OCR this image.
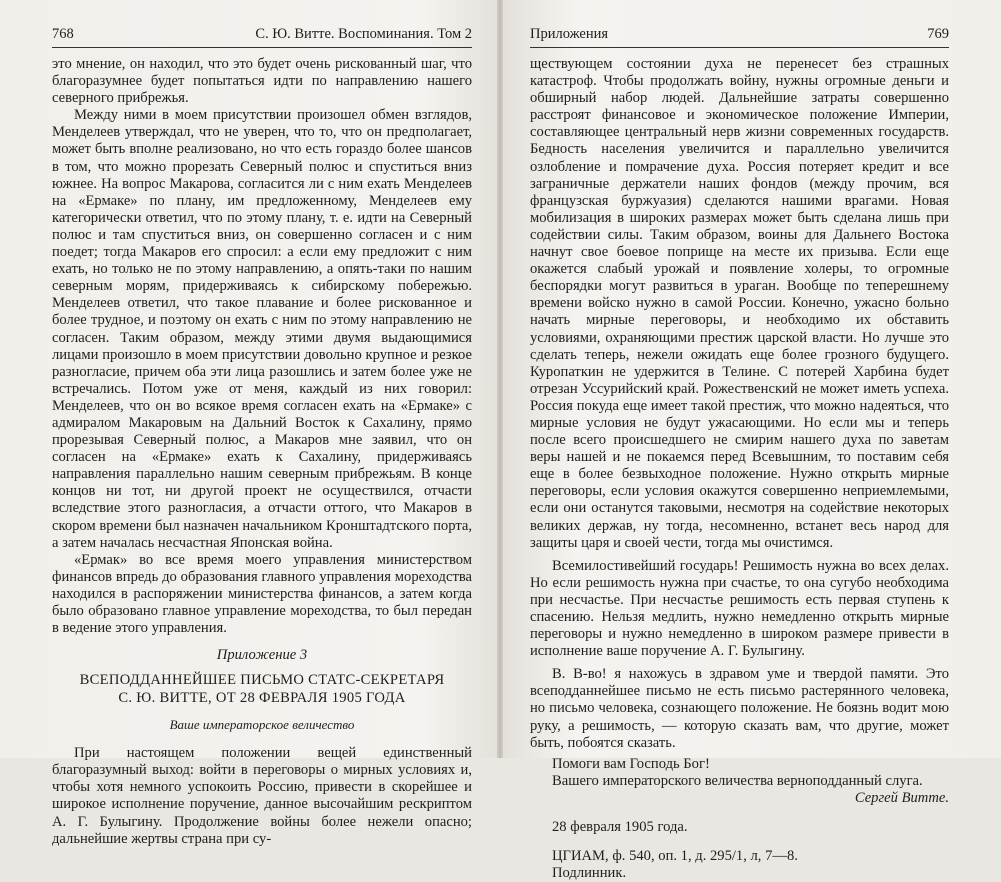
768	С. Ю. Витте. Воспоминания. Том 2

это мнение, он находил, что это будет очень рискованный шаг, что благоразумнее будет попытаться идти по направлению нашего северного прибрежья.

Между ними в моем присутствии произошел обмен взглядов, Менделеев утверждал, что не уверен, что то, что он предполагает, может быть вполне реализовано, но что есть гораздо более шансов в том, что можно прорезать Северный полюс и спуститься вниз южнее. На вопрос Макарова, согласится ли с ним ехать Менделеев на «Ермаке» по плану, им предложенному, Менделеев ему категорически ответил, что по этому плану, т. е. идти на Северный полюс и там спуститься вниз, он совершенно согласен и с ним поедет; тогда Макаров его спросил: а если ему предложит с ним ехать, но только не по этому направлению, а опять-таки по нашим северным морям, придерживаясь к сибирскому побережью. Менделеев ответил, что такое плавание и более рискованное и более трудное, и поэтому он ехать с ним по этому направлению не согласен. Таким образом, между этими двумя выдающимися лицами произошло в моем присутствии довольно крупное и резкое разногласие, причем оба эти лица разошлись и затем более уже не встречались. Потом уже от меня, каждый из них говорил: Менделеев, что он во всякое время согласен ехать на «Ермаке» с адмиралом Макаровым на Дальний Восток к Сахалину, прямо прорезывая Северный полюс, а Макаров мне заявил, что он согласен на «Ермаке» ехать к Сахалину, придерживаясь направления параллельно нашим северным прибрежьям. В конце концов ни тот, ни другой проект не осуществился, отчасти вследствие этого разногласия, а отчасти оттого, что Макаров в скором времени был назначен начальником Кронштадтского порта, а затем началась несчастная Японская война.

«Ермак» во все время моего управления министерством финансов впредь до образования главного управления мореходства находился в распоряжении министерства финансов, а затем когда было образовано главное управление мореходства, то был передан в ведение этого управления.

Приложение 3
ВСЕПОДДАННЕЙШЕЕ ПИСЬМО СТАТС-СЕКРЕТАРЯ
С. Ю. ВИТТЕ, ОТ 28 ФЕВРАЛЯ 1905 ГОДА
Ваше императорское величество

При настоящем положении вещей единственный благоразумный выход: войти в переговоры о мирных условиях и, чтобы хотя немного успокоить Россию, привести в скорейшее и широкое исполнение поручение, данное высочайшим рескриптом А. Г. Булыгину. Продолжение войны более нежели опасно; дальнейшие жертвы страна при су-

Приложения	769

ществующем состоянии духа не перенесет без страшных катастроф. Чтобы продолжать войну, нужны огромные деньги и обширный набор людей. Дальнейшие затраты совершенно расстроят финансовое и экономическое положение Империи, составляющее центральный нерв жизни современных государств. Бедность населения увеличится и параллельно увеличится озлобление и помрачение духа. Россия потеряет кредит и все заграничные держатели наших фондов (между прочим, вся французская буржуазия) сделаются нашими врагами. Новая мобилизация в широких размерах может быть сделана лишь при содействии силы. Таким образом, воины для Дальнего Востока начнут свое боевое поприще на месте их призыва. Если еще окажется слабый урожай и появление холеры, то огромные беспорядки могут развиться в ураган. Вообще по теперешнему времени войско нужно в самой России. Конечно, ужасно больно начать мирные переговоры, и необходимо их обставить условиями, охраняющими престиж царской власти. Но лучше это сделать теперь, нежели ожидать еще более грозного будущего. Куропаткин не удержится в Телине. С потерей Харбина будет отрезан Уссурийский край. Рожественский не может иметь успеха. Россия покуда еще имеет такой престиж, что можно надеяться, что мирные условия не будут ужасающими. Но если мы и теперь после всего происшедшего не смирим нашего духа по заветам веры нашей и не покаемся перед Всевышним, то поставим себя еще в более безвыходное положение. Нужно открыть мирные переговоры, если условия окажутся совершенно неприемлемыми, если они останутся таковыми, несмотря на содействие некоторых великих держав, ну тогда, несомненно, встанет весь народ для защиты царя и своей чести, тогда мы очистимся.

Всемилостивейший государь! Решимость нужна во всех делах. Но если решимость нужна при счастье, то она сугубо необходима при несчастье. При несчастье решимость есть первая ступень к спасению. Нельзя медлить, нужно немедленно открыть мирные переговоры и нужно немедленно в широком размере привести в исполнение ваше поручение А. Г. Булыгину.

В. В-во! я нахожусь в здравом уме и твердой памяти. Это всеподданнейшее письмо не есть письмо растерянного человека, но письмо человека, сознающего положение. Не боязнь водит мою руку, а решимость, — которую сказать вам, что другие, может быть, побоятся сказать.

Помоги вам Господь Бог!
Вашего императорского величества верноподданный слуга.
Сергей Витте.
28 февраля 1905 года.
ЦГИАМ, ф. 540, оп. 1, д. 295/1, л, 7—8.
Подлинник.
